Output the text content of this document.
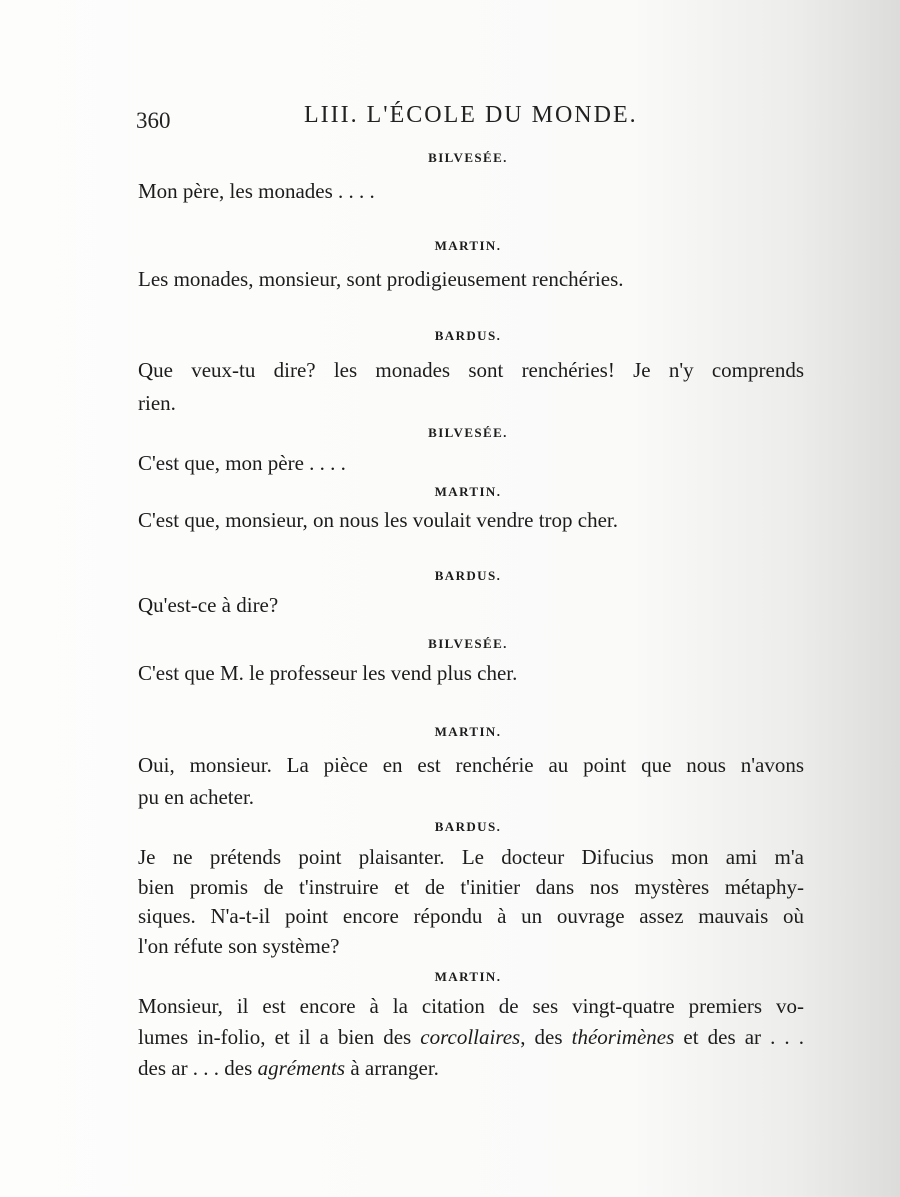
360	LIII. L'ÉCOLE DU MONDE.
BILVESÉE.
Mon père, les monades . . . .
MARTIN.
Les monades, monsieur, sont prodigieusement renchéries.
BARDUS.
Que veux-tu dire? les monades sont renchéries! Je n'y comprends
rien.
BILVESÉE.
C'est que, mon père . . . .
MARTIN.
C'est que, monsieur, on nous les voulait vendre trop cher.
BARDUS.
Qu'est-ce à dire?
BILVESÉE.
C'est que M. le professeur les vend plus cher.
MARTIN.
Oui, monsieur. La pièce en est renchérie au point que nous n'avons
pu en acheter.
BARDUS.
Je ne prétends point plaisanter. Le docteur Difucius mon ami m'a
bien promis de t'instruire et de t'initier dans nos mystères métaphy-
siques. N'a-t-il point encore répondu à un ouvrage assez mauvais où
l'on réfute son système?
MARTIN.
Monsieur, il est encore à la citation de ses vingt-quatre premiers vo-
lumes in-folio, et il a bien des corcollaires, des théorimènes et des ar . . .
des ar . . . des agréments à arranger.
